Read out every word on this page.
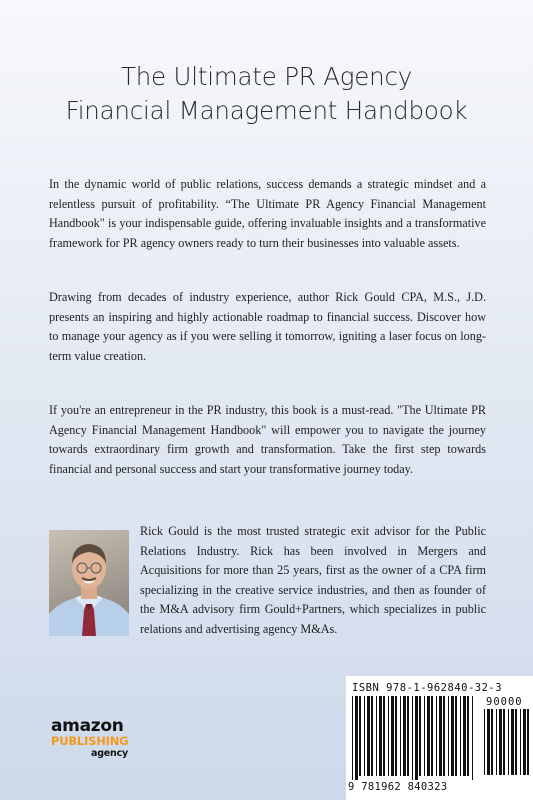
The Ultimate PR Agency
Financial Management Handbook
In the dynamic world of public relations, success demands a strategic mindset and a relentless pursuit of profitability. “The Ultimate PR Agency Financial Management Handbook" is your indispensable guide, offering invaluable insights and a transformative framework for PR agency owners ready to turn their businesses into valuable assets.
Drawing from decades of industry experience, author Rick Gould CPA, M.S., J.D. presents an inspiring and highly actionable roadmap to financial success. Discover how to manage your agency as if you were selling it tomorrow, igniting a laser focus on long-term value creation.
If you're an entrepreneur in the PR industry, this book is a must-read. "The Ultimate PR Agency Financial Management Handbook" will empower you to navigate the journey towards extraordinary firm growth and transformation. Take the first step towards financial and personal success and start your transformative journey today.
Rick Gould is the most trusted strategic exit advisor for the Public Relations Industry. Rick has been involved in Mergers and Acquisitions for more than 25 years, first as the owner of a CPA firm specializing in the creative service industries, and then as founder of the M&A advisory firm Gould+Partners, which specializes in public relations and advertising agency M&As.
amazon
PUBLISHING
agency
ISBN 978-1-962840-32-3
90000
9 781962 840323
